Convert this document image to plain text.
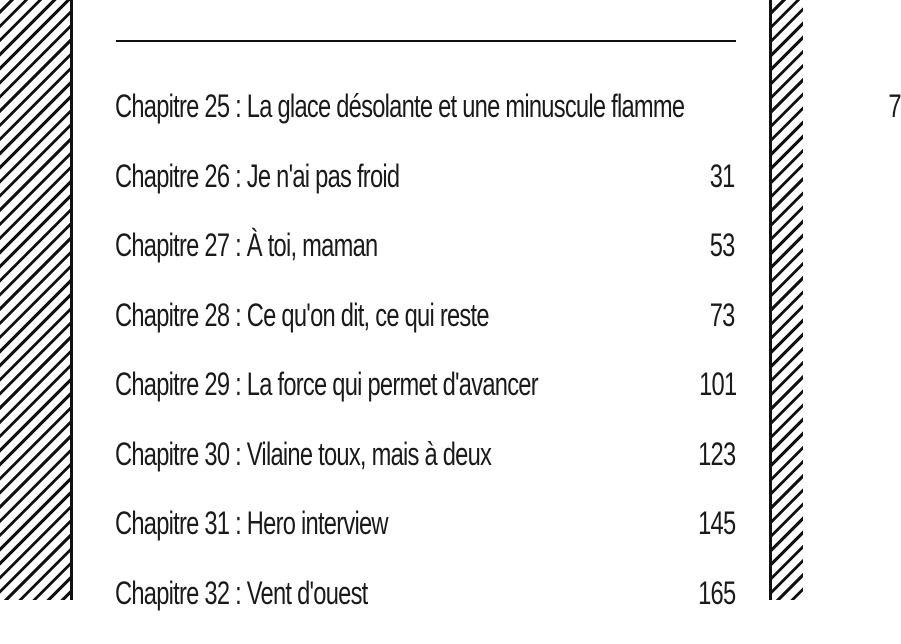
Chapitre 25 : La glace désolante et une minuscule flamme	7
Chapitre 26 : Je n'ai pas froid	31
Chapitre 27 : À toi, maman	53
Chapitre 28 : Ce qu'on dit, ce qui reste	73
Chapitre 29 : La force qui permet d'avancer	101
Chapitre 30 : Vilaine toux, mais à deux	123
Chapitre 31 : Hero interview	145
Chapitre 32 : Vent d'ouest	165
